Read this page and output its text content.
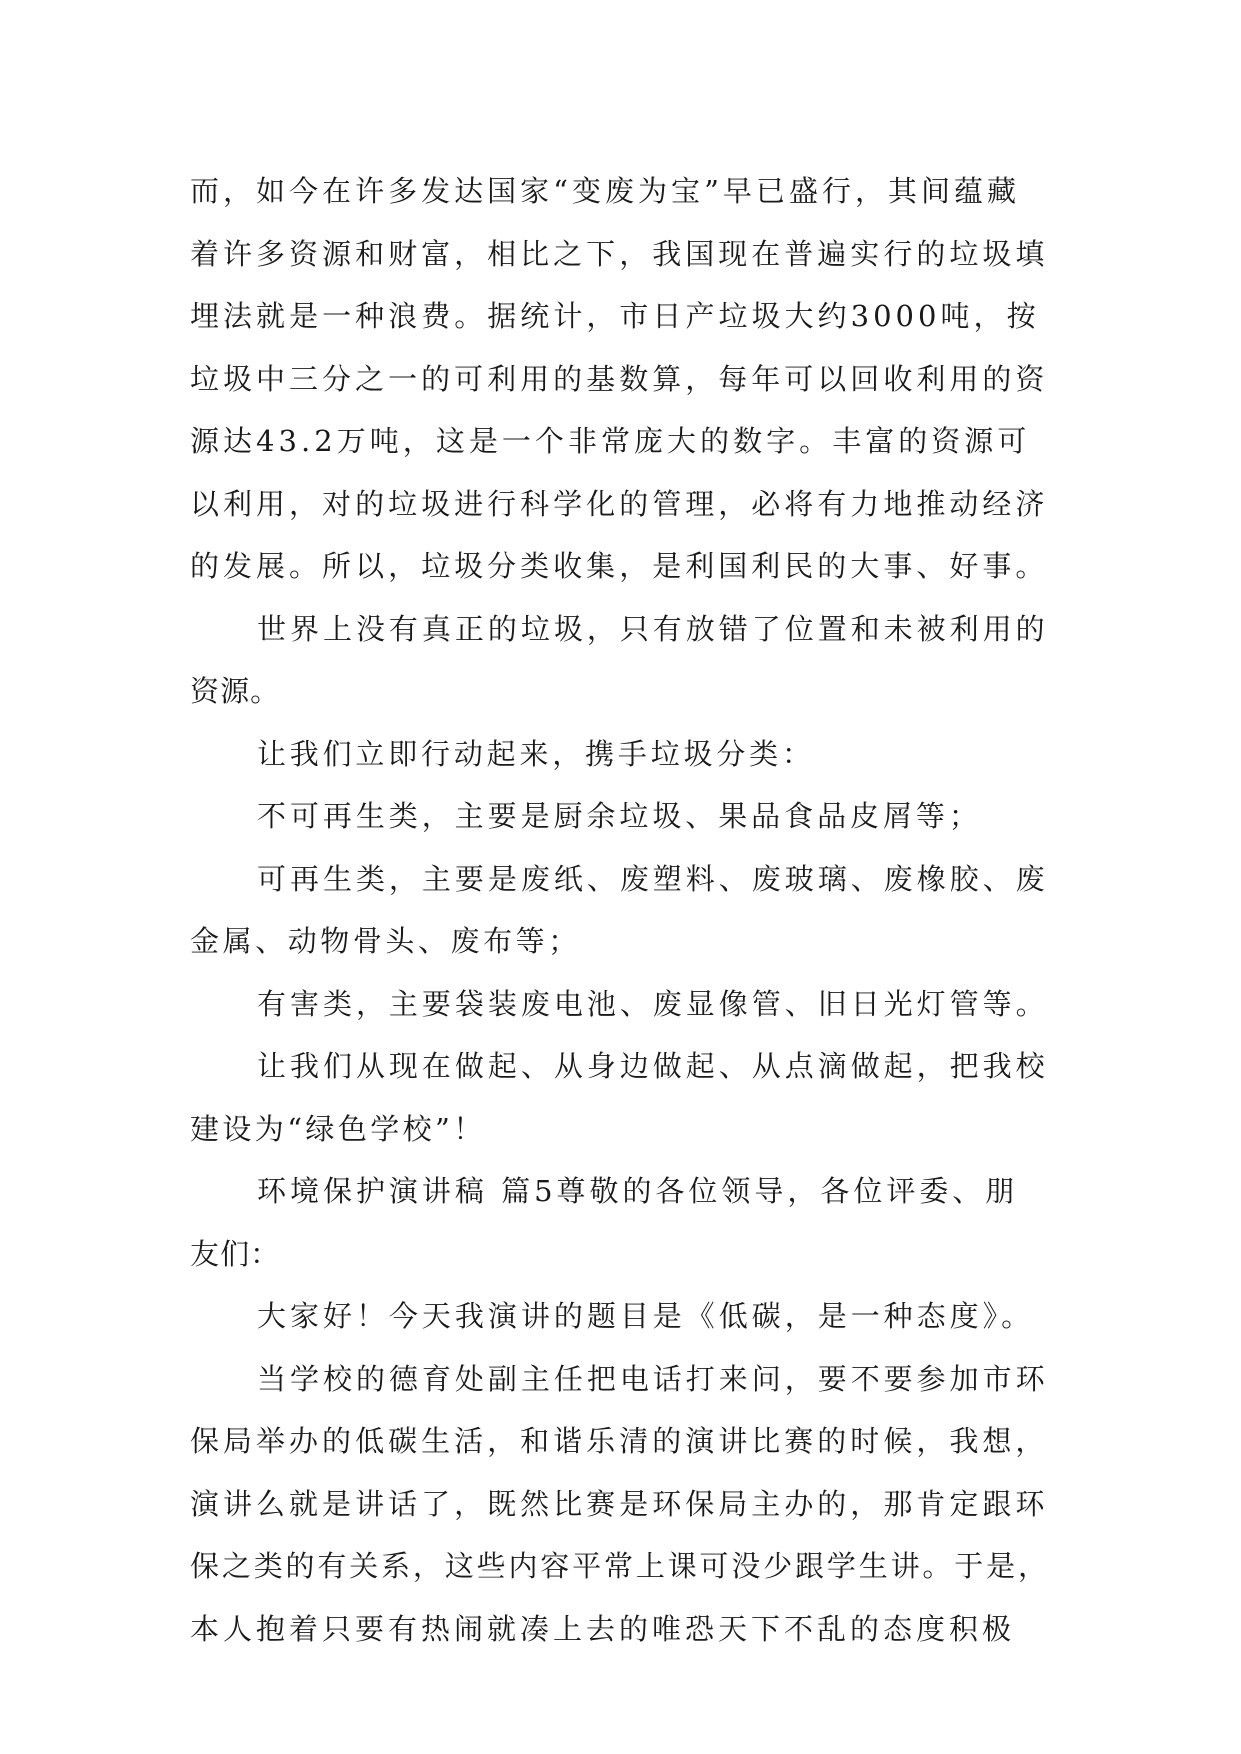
而，如今在许多发达国家“变废为宝”早已盛行，其间蕴藏
着许多资源和财富，相比之下，我国现在普遍实行的垃圾填
埋法就是一种浪费。据统计，市日产垃圾大约3000吨，按
垃圾中三分之一的可利用的基数算，每年可以回收利用的资
源达43.2万吨，这是一个非常庞大的数字。丰富的资源可
以利用，对的垃圾进行科学化的管理，必将有力地推动经济
的发展。所以，垃圾分类收集，是利国利民的大事、好事。
世界上没有真正的垃圾，只有放错了位置和未被利用的
资源。
让我们立即行动起来，携手垃圾分类：
不可再生类，主要是厨余垃圾、果品食品皮屑等；
可再生类，主要是废纸、废塑料、废玻璃、废橡胶、废
金属、动物骨头、废布等；
有害类，主要袋装废电池、废显像管、旧日光灯管等。
让我们从现在做起、从身边做起、从点滴做起，把我校
建设为“绿色学校”！
环境保护演讲稿 篇5尊敬的各位领导，各位评委、朋
友们：
大家好！今天我演讲的题目是《低碳，是一种态度》。
当学校的德育处副主任把电话打来问，要不要参加市环
保局举办的低碳生活，和谐乐清的演讲比赛的时候，我想，
演讲么就是讲话了，既然比赛是环保局主办的，那肯定跟环
保之类的有关系，这些内容平常上课可没少跟学生讲。于是，
本人抱着只要有热闹就凑上去的唯恐天下不乱的态度积极
